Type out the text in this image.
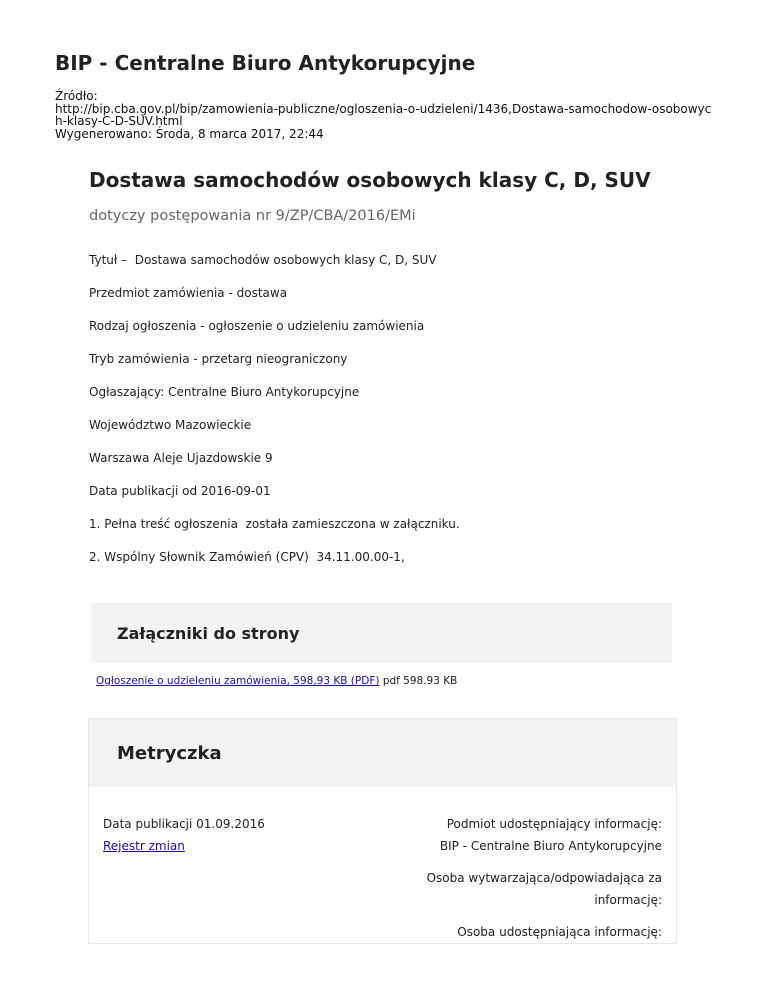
BIP - Centralne Biuro Antykorupcyjne
Źródło:
http://bip.cba.gov.pl/bip/zamowienia-publiczne/ogloszenia-o-udzieleni/1436,Dostawa-samochodow-osobowyc
h-klasy-C-D-SUV.html
Wygenerowano: Środa, 8 marca 2017, 22:44
Dostawa samochodów osobowych klasy C, D, SUV
dotyczy postępowania nr 9/ZP/CBA/2016/EMi
Tytuł –  Dostawa samochodów osobowych klasy C, D, SUV
Przedmiot zamówienia - dostawa
Rodzaj ogłoszenia - ogłoszenie o udzieleniu zamówienia
Tryb zamówienia - przetarg nieograniczony
Ogłaszający: Centralne Biuro Antykorupcyjne
Województwo Mazowieckie
Warszawa Aleje Ujazdowskie 9
Data publikacji od 2016-09-01
1. Pełna treść ogłoszenia  została zamieszczona w załączniku.
2. Wspólny Słownik Zamówień (CPV)  34.11.00.00-1,
Załączniki do strony
Ogłoszenie o udzieleniu zamówienia, 598,93 KB (PDF) pdf 598.93 KB
Metryczka
Data publikacji 01.09.2016
Rejestr zmian
Podmiot udostępniający informację:
BIP - Centralne Biuro Antykorupcyjne
Osoba wytwarzająca/odpowiadająca za informację:
Osoba udostępniająca informację:
